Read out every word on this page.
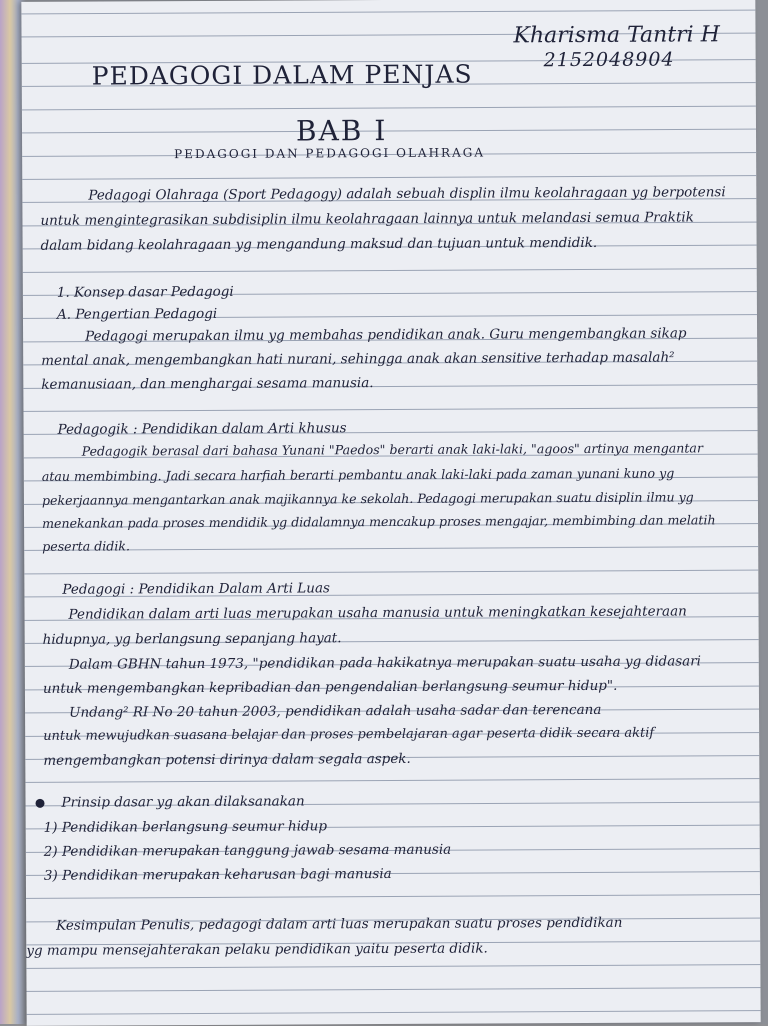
Kharisma Tantri H
2152048904
PEDAGOGI DALAM PENJAS
BAB I
PEDAGOGI DAN PEDAGOGI OLAHRAGA
Pedagogi Olahraga (Sport Pedagogy) adalah sebuah displin ilmu keolahragaan yg berpotensi
untuk mengintegrasikan subdisiplin ilmu keolahragaan lainnya untuk melandasi semua Praktik
dalam bidang keolahragaan yg mengandung maksud dan tujuan untuk mendidik.
1. Konsep dasar Pedagogi
A. Pengertian Pedagogi
Pedagogi merupakan ilmu yg membahas pendidikan anak. Guru mengembangkan sikap
mental anak, mengembangkan hati nurani, sehingga anak akan sensitive terhadap masalah²
kemanusiaan, dan menghargai sesama manusia.
Pedagogik : Pendidikan dalam Arti khusus
Pedagogik berasal dari bahasa Yunani "Paedos" berarti anak laki-laki, "agoos" artinya mengantar
atau membimbing. Jadi secara harfiah berarti pembantu anak laki-laki pada zaman yunani kuno yg
pekerjaannya mengantarkan anak majikannya ke sekolah. Pedagogi merupakan suatu disiplin ilmu yg
menekankan pada proses mendidik yg didalamnya mencakup proses mengajar, membimbing dan melatih
peserta didik.
Pedagogi : Pendidikan Dalam Arti Luas
Pendidikan dalam arti luas merupakan usaha manusia untuk meningkatkan kesejahteraan
hidupnya, yg berlangsung sepanjang hayat.
Dalam GBHN tahun 1973, "pendidikan pada hakikatnya merupakan suatu usaha yg didasari
untuk mengembangkan kepribadian dan pengendalian berlangsung seumur hidup".
Undang² RI No 20 tahun 2003, pendidikan adalah usaha sadar dan terencana
untuk mewujudkan suasana belajar dan proses pembelajaran agar peserta didik secara aktif
mengembangkan potensi dirinya dalam segala aspek.
Prinsip dasar yg akan dilaksanakan
1) Pendidikan berlangsung seumur hidup
2) Pendidikan merupakan tanggung jawab sesama manusia
3) Pendidikan merupakan keharusan bagi manusia
Kesimpulan Penulis, pedagogi dalam arti luas merupakan suatu proses pendidikan
yg mampu mensejahterakan pelaku pendidikan yaitu peserta didik.
